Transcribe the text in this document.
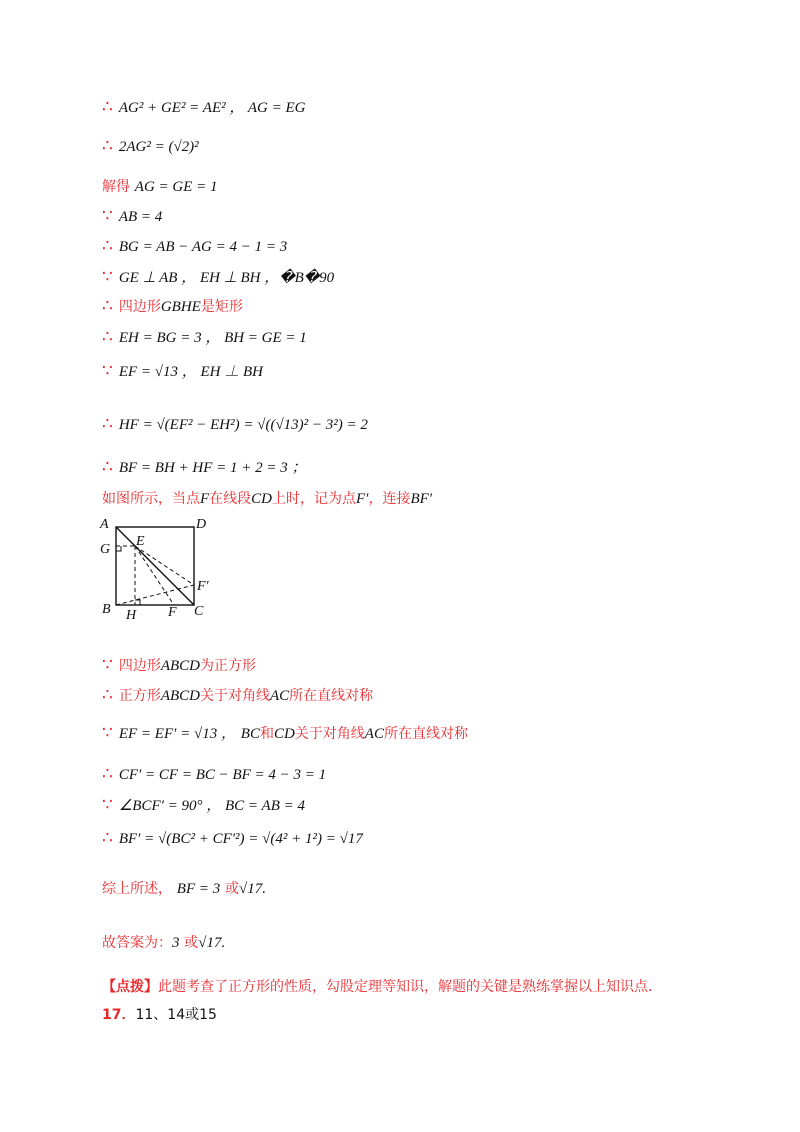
∴ AG² + GE² = AE² ， AG = EG
∴ 2AG² = (√2)²
解得 AG = GE = 1
∵ AB = 4
∴ BG = AB − AG = 4 − 1 = 3
∵ GE ⊥ AB ， EH ⊥ BH ，�B�90
∴ 四边形GBHE是矩形
∴ EH = BG = 3 ， BH = GE = 1
∵ EF = √13 ， EH ⊥ BH
∴ HF = √(EF² − EH²) = √((√13)² − 3²) = 2
∴ BF = BH + HF = 1 + 2 = 3 ；
如图所示，当点F在线段CD上时，记为点F′，连接BF′
A	D
G
E
F′
B H F C
∵ 四边形ABCD为正方形
∴ 正方形ABCD关于对角线AC所在直线对称
∵ EF = EF′ = √13 ， BC和CD关于对角线AC所在直线对称
∴ CF′ = CF = BC − BF = 4 − 3 = 1
∵ ∠BCF′ = 90° ， BC = AB = 4
∴ BF′ = √(BC² + CF′²) = √(4² + 1²) = √17
综上所述， BF = 3 或√17.
故答案为：3 或√17.
【点拨】此题考查了正方形的性质，勾股定理等知识，解题的关键是熟练掌握以上知识点．
17．11、14或15
